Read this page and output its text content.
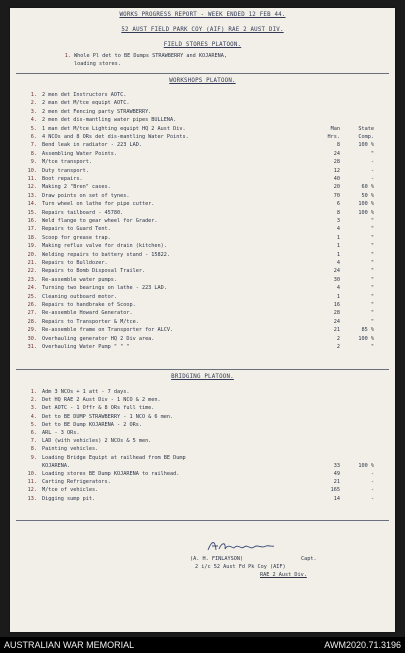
WORKS PROGRESS REPORT - WEEK ENDED 12 FEB 44.
52 AUST FIELD PARK COY (AIF) RAE 2 AUST DIV.
FIELD STORES PLATOON.
1. Whole Pl det to BE Dumps STRAWBERRY and KOJARENA,
loading stores.
WORKSHOPS PLATOON.
1. 2 men det Instructors AOTC.
2. 2 man det M/tce equipt AOTC.
3. 2 men det Fencing party STRAWBERRY.
4. 2 men det dis-mantling water pipes BULLENA.
5. 1 man det M/tce Lighting equipt HQ 2 Aust Div.	Man	State
6. 4 NCOs and 8 ORs det dis-mantling Water Points.	Hrs.	Comp.
7. Bend leak in radiator - 223 LAD.	8	100 %
8. Assembling Water Points.	24	"
9. M/tce transport.	28	-
10. Duty transport.	12	-
11. Boot repairs.	40	-
12. Making 2 "Bren" cases.	20	60 %
13. Draw points on set of tynes.	70	50 %
14. Turn wheel on lathe for pipe cutter.	6	100 %
15. Repairs tailboard - 45780.	8	100 %
16. Weld flange to gear wheel for Grader.	3	"
17. Repairs to Guard Tent.	4	"
18. Scoop for grease trap.	1	"
19. Making reflux valve for drain (kitchen).	1	"
20. Welding repairs to battery stand - 15822.	1	"
21. Repairs to Bulldozer.	4	"
22. Repairs to Bomb Disposal Trailer.	24	"
23. Re-assemble water pumps.	30	"
24. Turning two bearings on lathe - 223 LAD.	4	"
25. Cleaning outboard motor.	1	"
26. Repairs to handbrake of Scoop.	16	"
27. Re-assemble Howard Generator.	28	"
28. Repairs to Transporter & M/tce.	24	"
29. Re-assemble frame on Transporter for ALCV.	21	85 %
30. Overhauling generator HQ 2 Div area.	2	100 %
31. Overhauling Water Pump " " "	2	"
BRIDGING PLATOON.
1. Adm 3 NCOs + 1 att - 7 days.
2. Det HQ RAE 2 Aust Div - 1 NCO & 2 men.
3. Det AOTC - 1 Offr & 8 ORs full time.
4. Det to BE DUMP STRAWBERRY - 1 NCO & 6 men.
5. Det to BE Dump KOJARENA - 2 ORs.
6. ARL - 3 ORs.
7. LAD (with vehicles) 2 NCOs & 5 men.
8. Painting vehicles.
9. Loading Bridge Equipt at railhead from BE Dump
KOJARENA.	33	100 %
10. Loading stores BE Dump KOJARENA to railhead.	49	-
11. Carting Refrigerators.	21	-
12. M/tce of vehicles.	165	-
13. Digging sump pit.	14	-
(A. H. FINLAYSON)	Capt.
2 i/c 52 Aust Fd Pk Coy (AIF)
RAE 2 Aust Div.
AUSTRALIAN WAR MEMORIAL	AWM2020.71.3196
